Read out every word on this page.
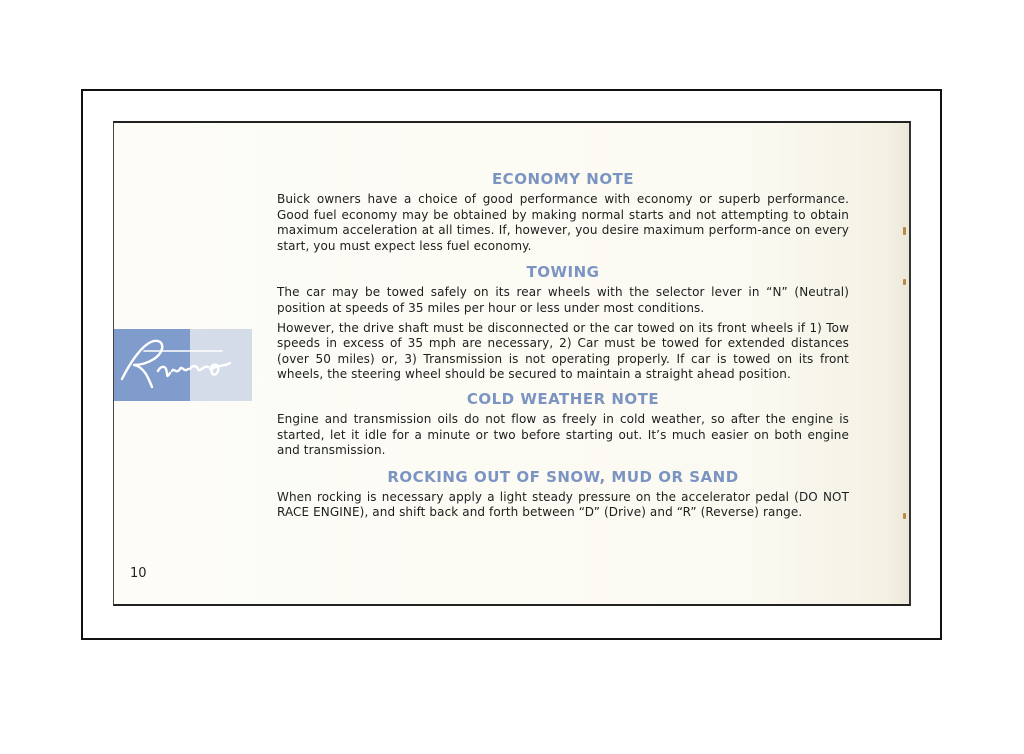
10
ECONOMY NOTE

Buick owners have a choice of good performance with economy or superb performance. Good fuel economy may be obtained by making normal starts and not attempting to obtain maximum acceleration at all times. If, however, you desire maximum perform-ance on every start, you must expect less fuel economy.

TOWING

The car may be towed safely on its rear wheels with the selector lever in “N” (Neutral) position at speeds of 35 miles per hour or less under most conditions.

However, the drive shaft must be disconnected or the car towed on its front wheels if 1) Tow speeds in excess of 35 mph are necessary, 2) Car must be towed for extended distances (over 50 miles) or, 3) Transmission is not operating properly. If car is towed on its front wheels, the steering wheel should be secured to maintain a straight ahead position.

COLD WEATHER NOTE

Engine and transmission oils do not flow as freely in cold weather, so after the engine is started, let it idle for a minute or two before starting out. It’s much easier on both engine and transmission.

ROCKING OUT OF SNOW, MUD OR SAND

When rocking is necessary apply a light steady pressure on the accelerator pedal (DO NOT RACE ENGINE), and shift back and forth between “D” (Drive) and “R” (Reverse) range.
